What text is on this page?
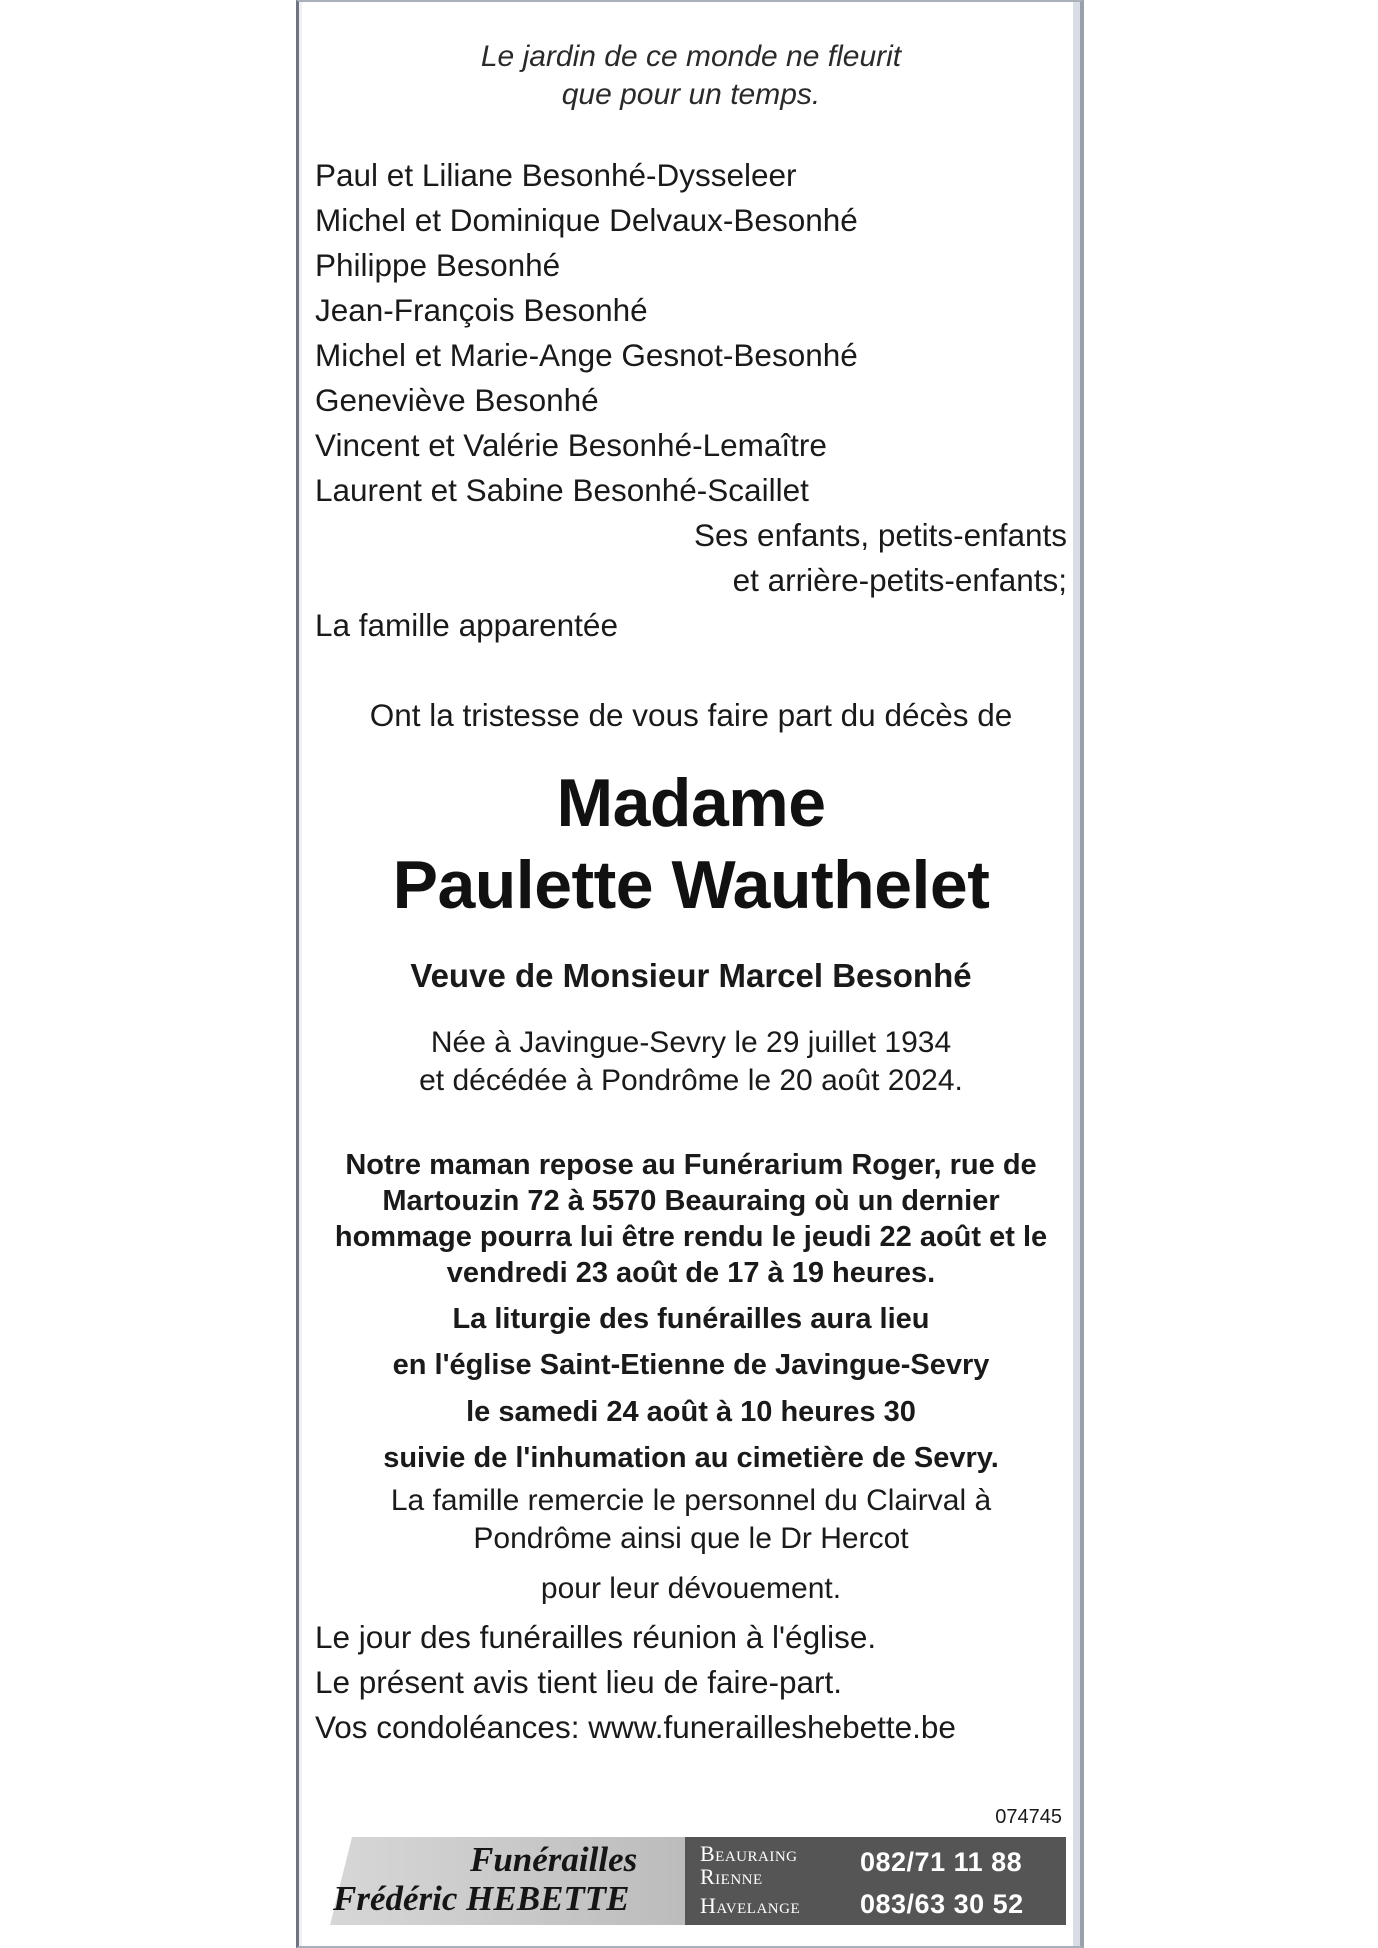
Le jardin de ce monde ne fleurit
que pour un temps.
Paul et Liliane Besonhé-Dysseleer
Michel et Dominique Delvaux-Besonhé
Philippe Besonhé
Jean-François Besonhé
Michel et Marie-Ange Gesnot-Besonhé
Geneviève Besonhé
Vincent et Valérie Besonhé-Lemaître
Laurent et Sabine Besonhé-Scaillet
Ses enfants, petits-enfants
et arrière-petits-enfants;
La famille apparentée
Ont la tristesse de vous faire part du décès de
Madame
Paulette Wauthelet
Veuve de Monsieur Marcel Besonhé
Née à Javingue-Sevry le 29 juillet 1934
et décédée à Pondrôme le 20 août 2024.
Notre maman repose au Funérarium Roger, rue de
Martouzin 72 à 5570 Beauraing où un dernier
hommage pourra lui être rendu le jeudi 22 août et le
vendredi 23 août de 17 à 19 heures.
La liturgie des funérailles aura lieu
en l'église Saint-Etienne de Javingue-Sevry
le samedi 24 août à 10 heures 30
suivie de l'inhumation au cimetière de Sevry.
La famille remercie le personnel du Clairval à
Pondrôme ainsi que le Dr Hercot
pour leur dévouement.
Le jour des funérailles réunion à l'église.
Le présent avis tient lieu de faire-part.
Vos condoléances: www.funerailleshebette.be
074745
Funérailles
Frédéric HEBETTE
Beauraing
Rienne
Havelange
082/71 11 88
083/63 30 52
